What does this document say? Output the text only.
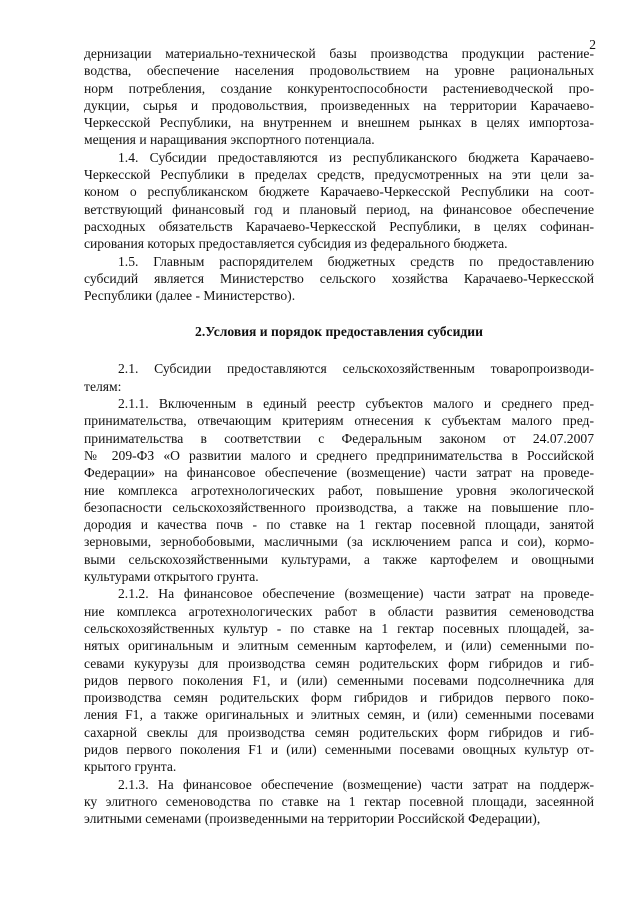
2

дернизации материально-технической базы производства продукции растение-
водства, обеспечение населения продовольствием на уровне рациональных
норм потребления, создание конкурентоспособности растениеводческой про-
дукции, сырья и продовольствия, произведенных на территории Карачаево-
Черкесской Республики, на внутреннем и внешнем рынках в целях импортоза-
мещения и наращивания экспортного потенциала.

1.4. Субсидии предоставляются из республиканского бюджета Карачаево-
Черкесской Республики в пределах средств, предусмотренных на эти цели за-
коном о республиканском бюджете Карачаево-Черкесской Республики на соот-
ветствующий финансовый год и плановый период, на финансовое обеспечение
расходных обязательств Карачаево-Черкесской Республики, в целях софинан-
сирования которых предоставляется субсидия из федерального бюджета.

1.5. Главным распорядителем бюджетных средств по предоставлению
субсидий является Министерство сельского хозяйства Карачаево-Черкесской
Республики (далее - Министерство).

2.Условия и порядок предоставления субсидии

2.1. Субсидии предоставляются сельскохозяйственным товаропроизводи-
телям:

2.1.1. Включенным в единый реестр субъектов малого и среднего пред-
принимательства, отвечающим критериям отнесения к субъектам малого пред-
принимательства в соответствии с Федеральным законом от 24.07.2007
№ 209-ФЗ «О развитии малого и среднего предпринимательства в Российской
Федерации» на финансовое обеспечение (возмещение) части затрат на проведе-
ние комплекса агротехнологических работ, повышение уровня экологической
безопасности сельскохозяйственного производства, а также на повышение пло-
дородия и качества почв - по ставке на 1 гектар посевной площади, занятой
зерновыми, зернобобовыми, масличными (за исключением рапса и сои), кормо-
выми сельскохозяйственными культурами, а также картофелем и овощными
культурами открытого грунта.

2.1.2. На финансовое обеспечение (возмещение) части затрат на проведе-
ние комплекса агротехнологических работ в области развития семеноводства
сельскохозяйственных культур - по ставке на 1 гектар посевных площадей, за-
нятых оригинальным и элитным семенным картофелем, и (или) семенными по-
севами кукурузы для производства семян родительских форм гибридов и гиб-
ридов первого поколения F1, и (или) семенными посевами подсолнечника для
производства семян родительских форм гибридов и гибридов первого поко-
ления F1, а также оригинальных и элитных семян, и (или) семенными посевами
сахарной свеклы для производства семян родительских форм гибридов и гиб-
ридов первого поколения F1 и (или) семенными посевами овощных культур от-
крытого грунта.

2.1.3. На финансовое обеспечение (возмещение) части затрат на поддерж-
ку элитного семеноводства по ставке на 1 гектар посевной площади, засеянной
элитными семенами (произведенными на территории Российской Федерации),
